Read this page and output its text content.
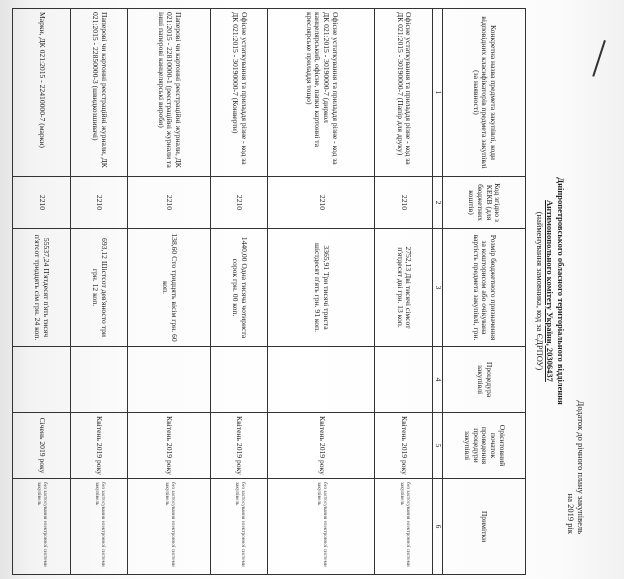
Додаток до річного плану закупівель
на 2019 рік
Дніпропетровського обласного територіального відділення
Антимонопольного комітету України, 20306437
(найменування замовника, код за ЄДРПОУ)
Конкретна назва предмета закупівлі, коди відповідних класифікаторів предмета закупівлі (за наявності)	Код згідно з КЕКВ (для бюджетних коштів)	Розмір бюджетного призначення за кошторисом або очікувана вартість предмета закупівлі, грн.	Процедура закупівлі	Орієнтовний початок проведення процедури закупівлі	Примітки
1	2	3	4	5	6
Офісне устаткування та приладдя різне - код за ДК 021:2015 - 30190000-7 (Папір для друку)	2210	2752,13 Дві тисячі сімсот п'ятдесят дві грн. 13 коп.		Квітень 2019 року	без застосування електронної системи закупівель
Офісне устаткування та приладдя різне - код за ДК 021:2015 - 30190000-7 (диркол канцелярський, офісне, папки картонні та креслярське приладдя тощо)	2210	3365,91 Три тисячі триста шістдесят п'ять грн. 91 коп.		Квітень 2019 року	без застосування електронної системи закупівель
Офісне устаткування та приладдя різне - код за ДК 021:2015 - 30190000-7 (Конверти)	2210	1440,00 Одна тисяча чотириста сорок грн. 00 коп.		Квітень 2019 року	без застосування електронної системи закупівель
Паперові чи картонні реєстраційні журнали, ДК 021:2015 - 22810000-1 (реєстраційні журнали та інші паперові канцелярські вироби)	2210	138,60 Сто тридцять вісім грн. 60 коп.		Квітень 2019 року	без застосування електронної системи закупівель
Паперові чи картонні реєстраційні журнали, ДК 021:2015 - 22850000-3 (швидкозшивачі)	2210	693,12 Шістсот дев'яносто три грн. 12 коп.		Квітень 2019 року	без застосування електронної системи закупівель
Марки, ДК 021:2015 - 22410000-7 (марки)	2210	55537,24 П'ятдесят п'ять тисяч п'ятсот тридцять сім грн. 24 коп.		Січень 2019 року	без застосування електронної системи закупівель
